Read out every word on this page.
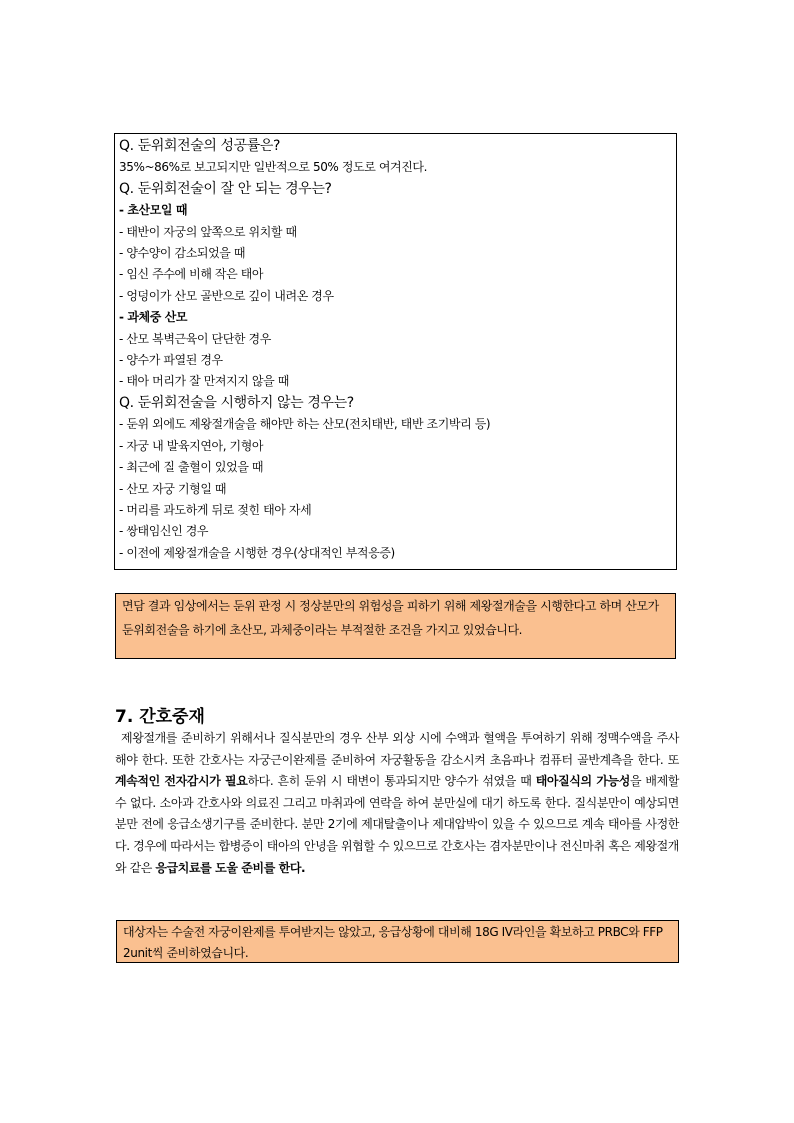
Q. 둔위회전술의 성공률은?
35%~86%로 보고되지만 일반적으로 50% 정도로 여겨진다.
Q. 둔위회전술이 잘 안 되는 경우는?
- 초산모일 때
- 태반이 자궁의 앞쪽으로 위치할 때
- 양수양이 감소되었을 때
- 임신 주수에 비해 작은 태아
- 엉덩이가 산모 골반으로 깊이 내려온 경우
- 과체중 산모
- 산모 복벽근육이 단단한 경우
- 양수가 파열된 경우
- 태아 머리가 잘 만져지지 않을 때
Q. 둔위회전술을 시행하지 않는 경우는?
- 둔위 외에도 제왕절개술을 해야만 하는 산모(전치태반, 태반 조기박리 등)
- 자궁 내 발육지연아, 기형아
- 최근에 질 출혈이 있었을 때
- 산모 자궁 기형일 때
- 머리를 과도하게 뒤로 젖힌 태아 자세
- 쌍태임신인 경우
- 이전에 제왕절개술을 시행한 경우(상대적인 부적응증)
면담 결과 임상에서는 둔위 판정 시 정상분만의 위험성을 피하기 위해 제왕절개술을 시행한다고 하며 산모가 둔위회전술을 하기에 초산모, 과체중이라는 부적절한 조건을 가지고 있었습니다.
7. 간호중재
제왕절개를 준비하기 위해서나 질식분만의 경우 산부 외상 시에 수액과 혈액을 투여하기 위해 정맥수액을 주사해야 한다. 또한 간호사는 자궁근이완제를 준비하여 자궁활동을 감소시켜 초음파나 컴퓨터 골반계측을 한다. 또 계속적인 전자감시가 필요하다. 흔히 둔위 시 태변이 통과되지만 양수가 섞였을 때 태아질식의 가능성을 배제할 수 없다. 소아과 간호사와 의료진 그리고 마취과에 연락을 하여 분만실에 대기 하도록 한다. 질식분만이 예상되면 분만 전에 응급소생기구를 준비한다. 분만 2기에 제대탈출이나 제대압박이 있을 수 있으므로 계속 태아를 사정한다. 경우에 따라서는 합병증이 태아의 안녕을 위협할 수 있으므로 간호사는 겸자분만이나 전신마취 혹은 제왕절개와 같은 응급치료를 도울 준비를 한다.
대상자는 수술전 자궁이완제를 투여받지는 않았고, 응급상황에 대비해 18G IV라인을 확보하고 PRBC와 FFP 2unit씩 준비하였습니다.
